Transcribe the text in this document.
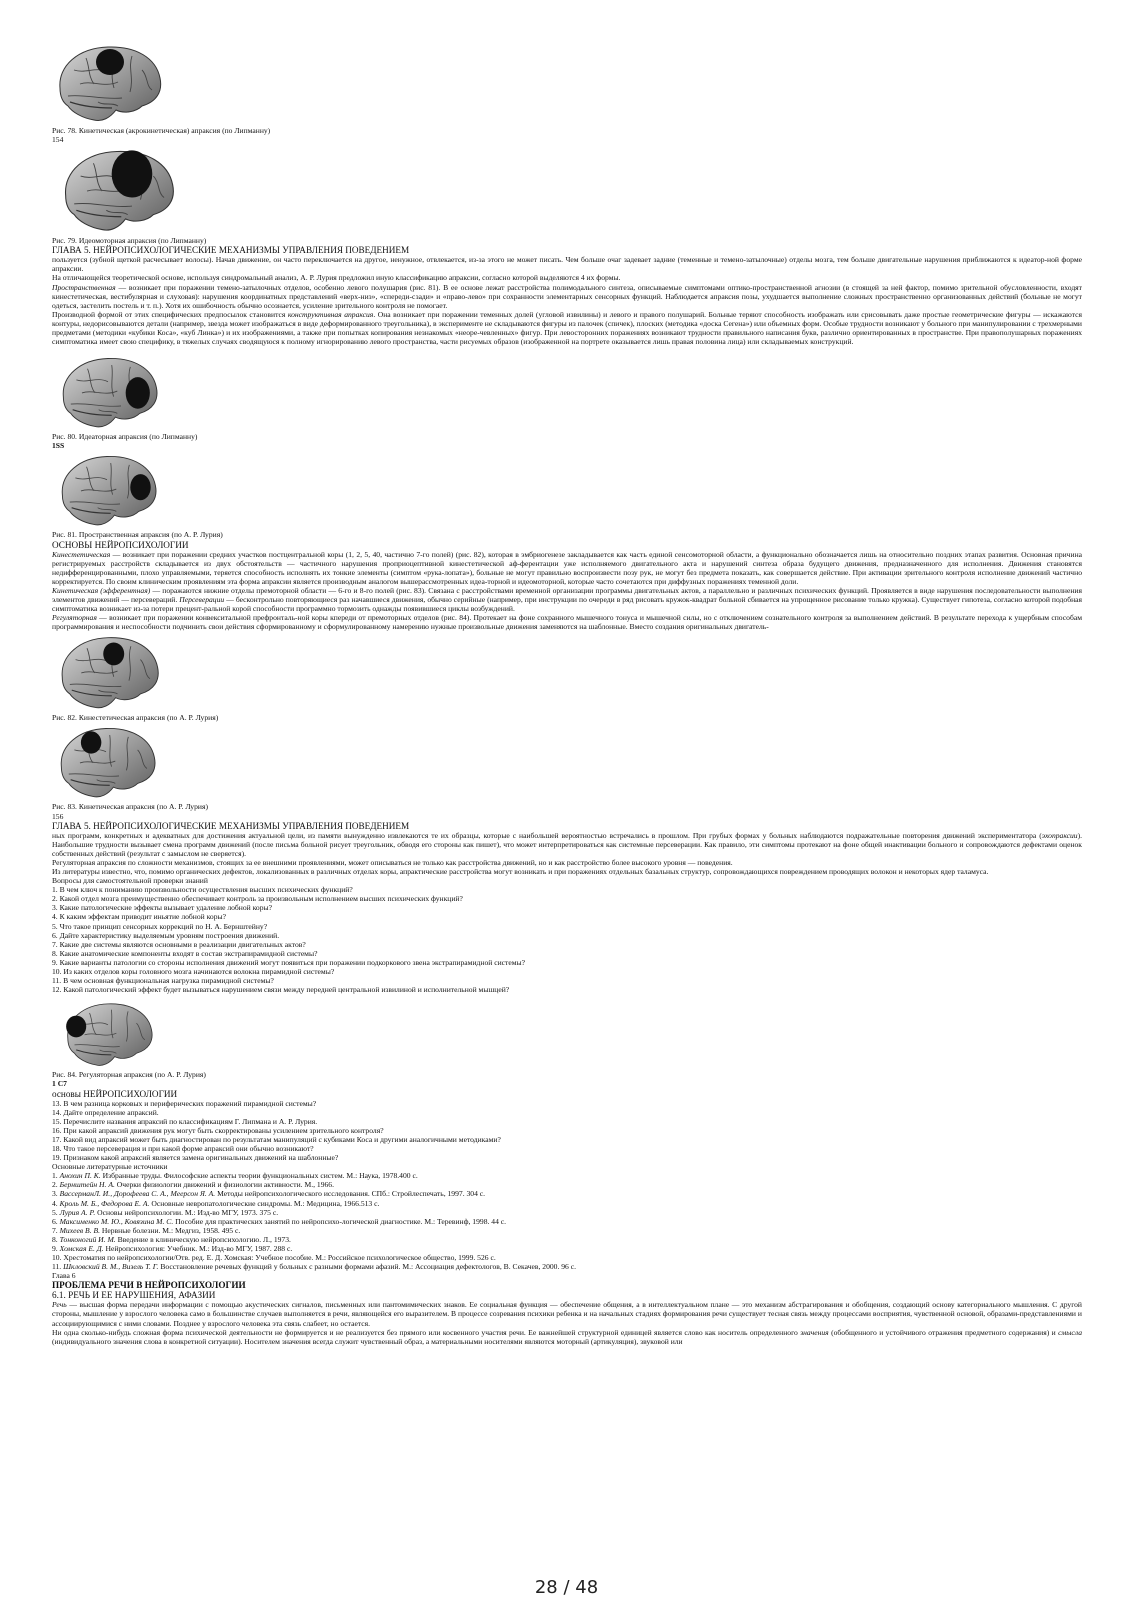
Рис. 78. Кинетическая (акрокинетическая) апраксия (по Липманну)

154

Рис. 79. Идеомоторная апраксия (по Липманну)

ГЛАВА 5. НЕЙРОПСИХОЛОГИЧЕСКИЕ МЕХАНИЗМЫ УПРАВЛЕНИЯ ПОВЕДЕНИЕМ

пользуется (зубной щеткой расчесывает волосы). Начав движение, он часто переключается на другое, ненужное, отвлекается, из-за этого не может писать. Чем больше очаг задевает задние (теменные и темено-затылочные) отделы мозга, тем больше двигательные нарушения приближаются к идеатор-ной форме апраксии.

На отличающейся теоретической основе, используя синдромальный анализ, А. Р. Лурия предложил иную классификацию апраксии, согласно которой выделяются 4 их формы.

Пространственная — возникает при поражении темено-затылочных отделов, особенно левого полушария (рис. 81). В ее основе лежат расстройства полимодального синтеза, описываемые симптомами оптико-пространственной агнозии (в стоящей за ней фактор, помимо зрительной обусловленности, входят кинестетическая, вестибулярная и слуховая): нарушения координатных представлений «верх-низ», «спереди-сзади» и «право-лево» при сохранности элементарных сенсорных функций. Наблюдается апраксия позы, ухудшается выполнение сложных пространственно организованных действий (больные не могут одеться, застелить постель и т. п.). Хотя их ошибочность обычно осознается, усиление зрительного контроля не помогает.

Производной формой от этих специфических предпосылок становится конструктивная апраксия. Она возникает при поражении теменных долей (угловой извилины) и левого и правого полушарий. Больные теряют способность изображать или срисовывать даже простые геометрические фигуры — искажаются контуры, недорисовываются детали (например, звезда может изображаться в виде деформированного треугольника), в эксперименте не складываются фигуры из палочек (спичек), плоских (методика «доска Сегена») или объемных форм. Особые трудности возникают у больного при манипулировании с трехмерными предметами (методики «кубики Коса», «куб Линка») и их изображениями, а также при попытках копирования незнакомых «неоре-чевленных» фигур. При левосторонних поражениях возникают трудности правильного написания букв, различно ориентированных в пространстве. При правополушарных поражениях симптоматика имеет свою специфику, в тяжелых случаях сводящуюся к полному игнорированию левого пространства, части рисуемых образов (изображенной на портрете оказывается лишь правая половина лица) или складываемых конструкций.

Рис. 80. Идеаторная апраксия (по Липманну)

1SS

Рис. 81. Пространственная апраксия (по А. Р. Лурия)

ОСНОВЫ НЕЙРОПСИХОЛОГИИ

Кинестетическая — возникает при поражении средних участков постцентральной коры (1, 2, 5, 40, частично 7-го полей) (рис. 82), которая в эмбриогенезе закладывается как часть единой сенсомоторной области, а функционально обозначается лишь на относительно поздних этапах развития. Основная причина регистрируемых расстройств складывается из двух обстоятельств — частичного нарушения проприоцептивной кинестетической аф-ферентации уже исполняемого двигательного акта и нарушений синтеза образа будущего движения, предназначенного для исполнения. Движения становятся недифференцированными, плохо управляемыми, теряется способность исполнять их тонкие элементы (симптом «рука-лопата»), больные не могут правильно воспроизвести позу рук, не могут без предмета показать, как совершается действие. При активации зрительного контроля исполнение движений частично корректируется. По своим клиническим проявлениям эта форма апраксии является производным аналогом вышерассмотренных идеа-торной и идеомоторной, которые часто сочетаются при диффузных поражениях теменной доли.

Кинетическая (эфферентная) — поражаются нижние отделы премоторной области — 6-го и 8-го полей (рис. 83). Связана с расстройствами временной организации программы двигательных актов, а параллельно и различных психических функций. Проявляется в виде нарушения последовательности выполнения элементов движений — персевераций. Персеверации — бесконтрольно повторяющиеся раз начавшиеся движения, обычно серийные (например, при инструкции по очереди в ряд рисовать кружок-квадрат больной сбивается на упрощенное рисование только кружка). Существует гипотеза, согласно которой подобная симптоматика возникает из-за потери прецент-ральной корой способности программно тормозить однажды появившиеся циклы возбуждений.

Регуляторная — возникает при поражении конвекситальной префронталь-ной коры кпереди от премоторных отделов (рис. 84). Протекает на фоне сохранного мышечного тонуса и мышечной силы, но с отключением сознательного контроля за выполнением действий. В результате перехода к ущербным способам программирования и неспособности подчинить свои действия сформированному и сформулированному намерению нужные произвольные движения заменяются на шаблонные. Вместо создания оригинальных двигатель-

Рис. 82. Кинестетическая апраксия (по А. Р. Лурия)

Рис. 83. Кинетическая апраксия (по А. Р. Лурия)

156

ГЛАВА 5. НЕЙРОПСИХОЛОГИЧЕСКИЕ МЕХАНИЗМЫ УПРАВЛЕНИЯ ПОВЕДЕНИЕМ

ных программ, конкретных и адекватных для достижения актуальной цели, из памяти вынужденно извлекаются те их образцы, которые с наибольшей вероятностью встречались в прошлом. При грубых формах у больных наблюдаются подражательные повторения движений экспериментатора (эхопраксии). Наибольшие трудности вызывает смена программ движений (после письма больной рисует треугольник, обводя его стороны как пишет), что может интерпретироваться как системные персеверации. Как правило, эти симптомы протекают на фоне общей инактивации больного и сопровождаются дефектами оценок собственных действий (результат с замыслом не сверяется).

Регуляторная апраксия по сложности механизмов, стоящих за ее внешними проявлениями, может описываться не только как расстройства движений, но и как расстройство более высокого уровня — поведения.

Из литературы известно, что, помимо органических дефектов, локализованных в различных отделах коры, апрактические расстройства могут возникать и при поражениях отдельных базальных структур, сопровождающихся повреждением проводящих волокон и некоторых ядер таламуса.

Вопросы для самостоятельной проверки знаний

1. В чем ключ к пониманию произвольности осуществления высших психических функций?

2. Какой отдел мозга преимущественно обеспечивает контроль за произвольным исполнением высших психических функций?

3. Какие патологические эффекты вызывает удаление лобной коры?

4. К каким эффектам приводит иньятие лобной коры?

5. Что такое принцип сенсорных коррекций по Н. А. Бернштейну?

6. Дайте характеристику выделяемым уровням построения движений.

7. Какие две системы являются основными в реализации двигательных актов?

8. Какие анатомические компоненты входят в состав экстрапирамидной системы?

9. Какие варианты патологии со стороны исполнения движений могут появиться при поражении подкоркового звена экстрапирамидной системы?

10. Из каких отделов коры головного мозга начинаются волокна пирамидной системы?

11. В чем основная функциональная нагрузка пирамидной системы?

12. Какой патологический эффект будет вызываться нарушением связи между передней центральной извилиной и исполнительной мышцей?

Рис. 84. Регуляторная апраксия (по А. Р. Лурия)

1 С7

основы НЕЙРОПСИХОЛОГИИ

13. В чем разница корковых и периферических поражений пирамидной системы?

14. Дайте определение апраксий.

15. Перечислите названия апраксий по классификациям Г. Липмана и А. Р. Лурия.

16. При какой апраксий движения рук могут быть скорректированы усилением зрительного контроля?

17. Какой вид апраксий может быть диагностирован по результатам манипуляций с кубиками Коса и другими аналогичными методиками?

18. Что такое персеверация и при какой форме апраксий они обычно возникают?

19. Признаком какой апраксий является замена оригинальных движений на шаблонные?

Основные литературные источники

1. Анохин П. К. Избранные труды. Философские аспекты теории функциональных систем. М.: Наука, 1978.400 с.

2. Бернштейн Н. А. Очерки физиологии движений и физиологии активности. М., 1966.

3. ВассерманЛ. И., Дорофеева С. А., Меерсон Я. А. Методы нейропсихологического исследования. СПб.: Стройлеспечать, 1997. 304 с.

4. Кроль М. Б., Федорова Е. А. Основные невропатологические синдромы. М.: Медицина, 1966.513 с.

5. Лурия А. Р. Основы нейропсихологии. М.: Изд-во МГУ, 1973. 375 с.

6. Максименко М. Ю., Ковязина М. С. Пособие для практических занятий по нейропсихо-логической диагностике. М.: Теревинф, 1998. 44 с.

7. Михеев В. В. Нервные болезни. М.: Медгиз, 1958. 495 с.

8. Тонконогий И. М. Введение в клиническую нейропсихологию. Л., 1973.

9. Хомская Е. Д. Нейропсихология: Учебник. М.: Изд-во МГУ, 1987. 288 с.

10. Хрестоматия по нейропсихологии/Отв. ред. Е. Д. Хомская: Учебное пособие. М.: Российское психологическое общество, 1999. 526 с.

11. Шкловский В. М., Визель Т. Г. Восстановление речевых функций у больных с разными формами афазий. М.: Ассоциация дефектологов, В. Секачев, 2000. 96 с.

Глава 6

ПРОБЛЕМА РЕЧИ В НЕЙРОПСИХОЛОГИИ

6.1. РЕЧЬ И ЕЕ НАРУШЕНИЯ, АФАЗИИ

Речь — высшая форма передачи информации с помощью акустических сигналов, письменных или пантомимических знаков. Ее социальная функция — обеспечение общения, а в интеллектуальном плане — это механизм абстрагирования и обобщения, создающий основу категориального мышления. С другой стороны, мышление у взрослого человека само в большинстве случаев выполняется в речи, являющейся его выразителем. В процессе созревания психики ребенка и на начальных стадиях формирования речи существует тесная связь между процессами восприятия, чувственной основой, образами-представлениями и ассоциирующимися с ними словами. Позднее у взрослого человека эта связь слабеет, но остается.

Ни одна сколько-нибудь сложная форма психической деятельности не формируется и не реализуется без прямого или косвенного участия речи. Ее важнейшей структурной единицей является слово как носитель определенного значения (обобщенного и устойчивого отражения предметного содержания) и смысла (индивидуального значения слова в конкретной ситуации). Носителем значения всегда служит чувственный образ, а материальными носителями являются моторный (артикуляция), звуковой или

28 / 48
